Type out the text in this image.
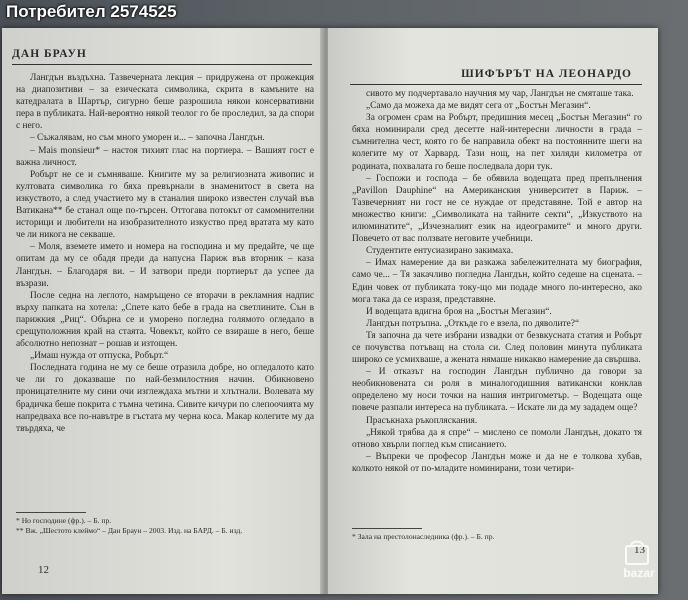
ДАН БРАУН

Лангдън въздъхна. Тазвечерната лекция – придружена от прожекция на диапозитиви – за езическата символика, скрита в камъните на катедралата в Шартър, сигурно беше разрошила някои консервативни пера в публиката. Най-вероятно някой теолог го бе проследил, за да спори с него.

– Съжалявам, но съм много уморен и... – започна Лангдън.

– Mais monsieur* – настоя тихият глас на портиера. – Вашият гост е важна личност.

Робърт не се и съмняваше. Книгите му за религиозната живопис и култовата символика го бяха превърнали в знаменитост в света на изкуството, а след участието му в станалия широко известен случай във Ватикана** бе станал още по-търсен. Оттогава потокът от самомнителни историци и любители на изобразителното изкуство пред вратата му като че ли никога не секваше.

– Моля, вземете името и номера на господина и му предайте, че ще опитам да му се обадя преди да напусна Париж във вторник – каза Лангдън. – Благодаря ви. – И затвори преди портиерът да успее да възрази.

После седна на леглото, намръщено се вторачи в рекламния надпис върху папката на хотела: „Спете като бебе в града на светлините. Сън в парижкия „Риц“. Обърна се и уморено погледна голямото огледало в срещуположния край на стаята. Човекът, който се взираше в него, беше абсолютно непознат – рошав и изтощен.

„Имаш нужда от отпуска, Робърт.“

Последната година не му се беше отразила добре, но огледалото като че ли го доказваше по най-безмилостния начин. Обикновено проницателните му сини очи изглеждаха мътни и хлътнали. Волевата му брадичка беше покрита с тъмна четина. Сивите кичури по слепоочията му напредваха все по-навътре в гъстата му черна коса. Макар колегите му да твърдяха, че

* Но господине (фр.). – Б. пр.
** Вж. „Шестото клеймо“ – Дан Браун – 2003. Изд. на БАРД. – Б. изд.
12
ШИФЪРЪТ НА ЛЕОНАРДО

сивото му подчертавало научния му чар, Лангдън не смяташе така.

„Само да можеха да ме видят сега от „Бостън Мегазин“.

За огромен срам на Робърт, предишния месец „Бостън Мегазин“ го бяха номинирали сред десетте най-интересни личности в града – съмнителна чест, която го бе направила обект на постоянните шеги на колегите му от Харвард. Тази нощ, на пет хиляди километра от родината, похвалата го беше последвала дори тук.

– Госпожи и господа – бе обявила водещата пред препълнения „Pavillon Dauphine“ на Американския университет в Париж. – Тазвечерният ни гост не се нуждае от представяне. Той е автор на множество книги: „Символиката на тайните секти“, „Изкуството на илюминатите“, „Изчезналият език на идеограмите“ и много други. Повечето от вас ползвате неговите учебници.

Студентите ентусиазирано закимаха.

– Имах намерение да ви разкажа забележителната му биография, само че... – Тя закачливо погледна Лангдън, който седеше на сцената. – Един човек от публиката току-що ми подаде много по-интересно, ако мога така да се изразя, представяне.

И водещата вдигна броя на „Бостън Мегазин“.

Лангдън потръпна. „Откъде го е взела, по дяволите?“

Тя започна да чете избрани извадки от безвкусната статия и Робърт се почувства потъващ на стола си. След половин минута публиката широко се усмихваше, а жената нямаше никакво намерение да свършва.

– И отказът на господин Лангдън публично да говори за необикновената си роля в миналогодишния ватикански конклав определено му носи точки на нашия интригометър. – Водещата още повече разпали интереса на публиката. – Искате ли да му зададем още?

Прасъкнаха ръкопляскания.

„Някой трябва да я спре“ – мислено се помоли Лангдън, докато тя отново хвърли поглед към списанието.

– Въпреки че професор Лангдън може и да не е толкова хубав, колкото някой от по-младите номинирани, този четири-

* Зала на престолонаследника (фр.). – Б. пр.
13
Потребител 2574525
bazar
